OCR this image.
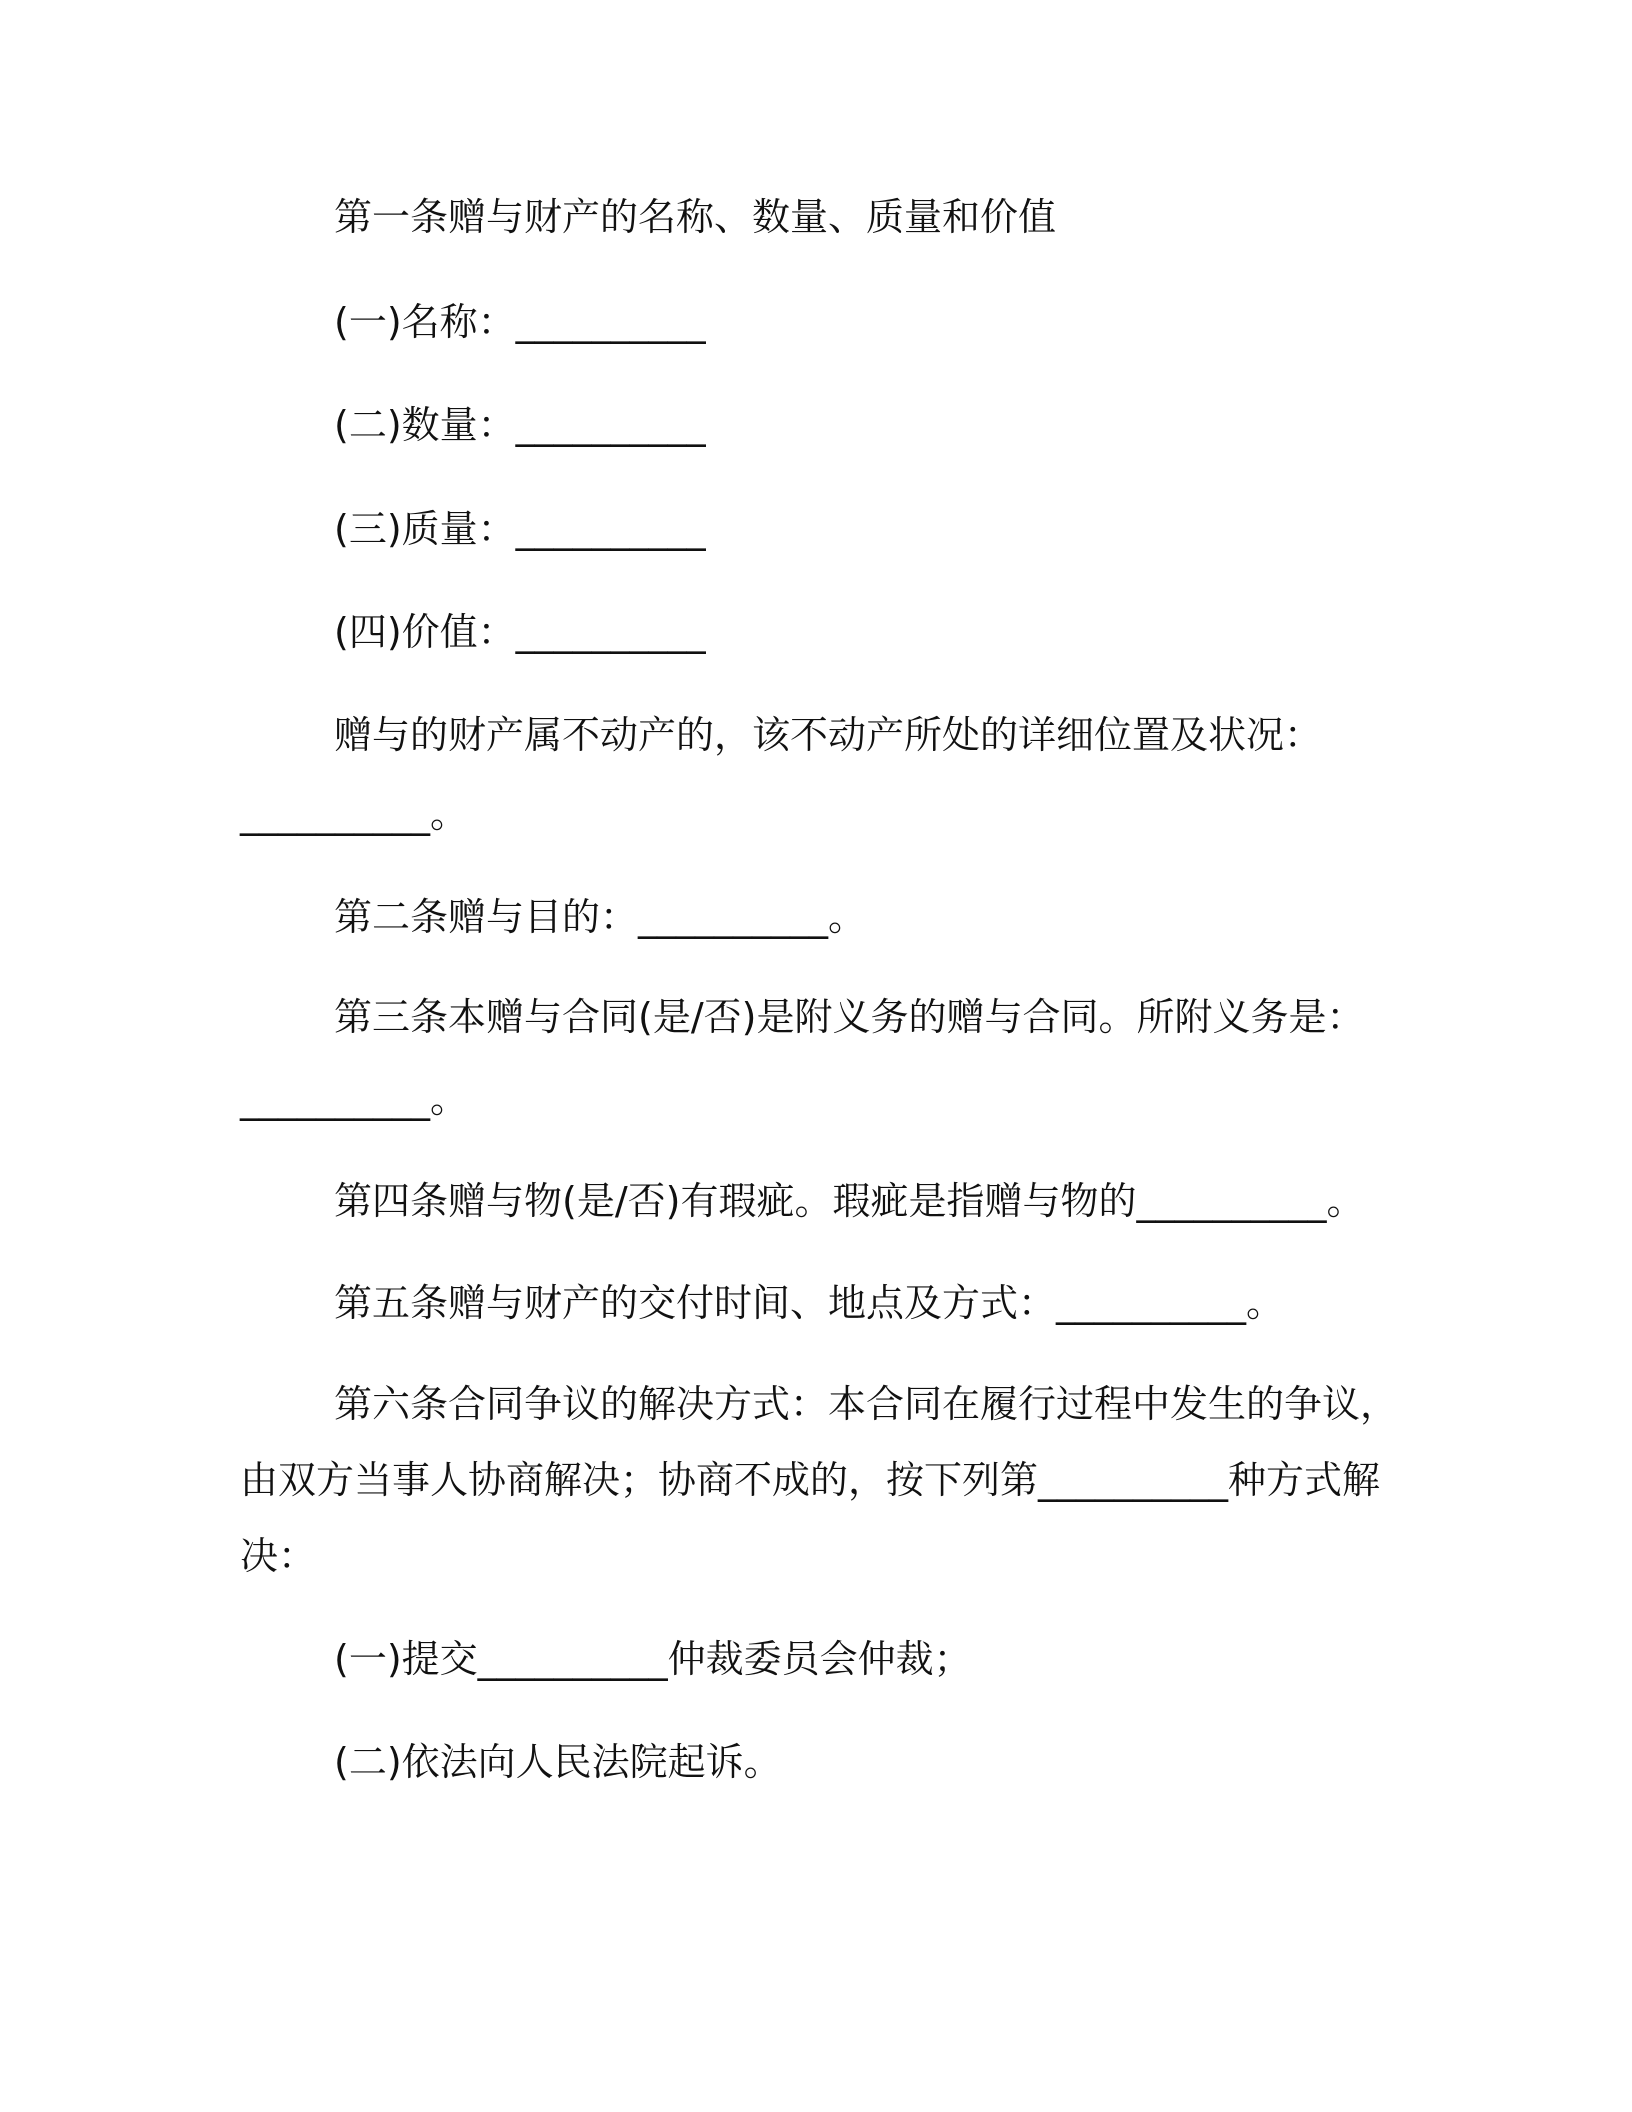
第一条赠与财产的名称、数量、质量和价值
(一)名称：__________
(二)数量：__________
(三)质量：__________
(四)价值：__________
赠与的财产属不动产的，该不动产所处的详细位置及状况：
__________。
第二条赠与目的：__________。
第三条本赠与合同(是/否)是附义务的赠与合同。所附义务是：
__________。
第四条赠与物(是/否)有瑕疵。瑕疵是指赠与物的__________。
第五条赠与财产的交付时间、地点及方式：__________。
第六条合同争议的解决方式：本合同在履行过程中发生的争议，
由双方当事人协商解决；协商不成的，按下列第__________种方式解
决：
(一)提交__________仲裁委员会仲裁；
(二)依法向人民法院起诉。
